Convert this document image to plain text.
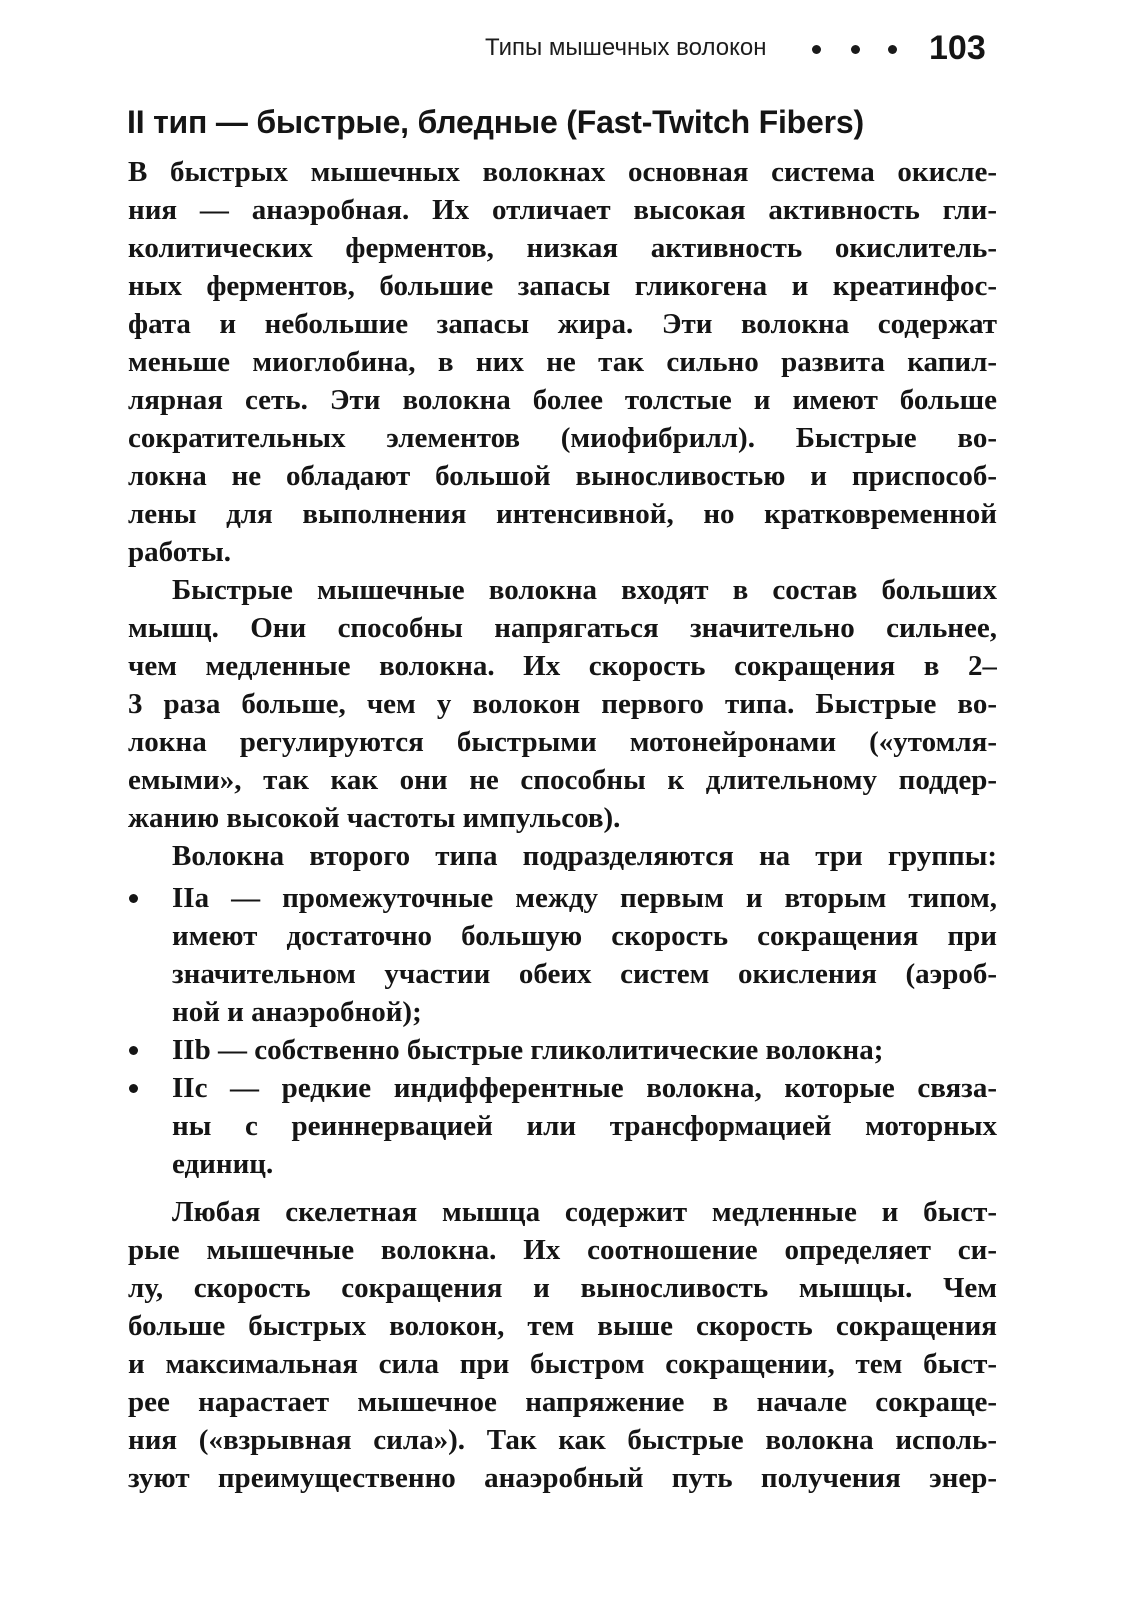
Типы мышечных волокон	103
II тип — быстрые, бледные (Fast-Twitch Fibers)
В быстрых мышечных волокнах основная система окисле-
ния — анаэробная. Их отличает высокая активность гли-
колитических ферментов, низкая активность окислитель-
ных ферментов, большие запасы гликогена и креатинфос-
фата и небольшие запасы жира. Эти волокна содержат
меньше миоглобина, в них не так сильно развита капил-
лярная сеть. Эти волокна более толстые и имеют больше
сократительных элементов (миофибрилл). Быстрые во-
локна не обладают большой выносливостью и приспособ-
лены для выполнения интенсивной, но кратковременной
работы.
Быстрые мышечные волокна входят в состав больших
мышц. Они способны напрягаться значительно сильнее,
чем медленные волокна. Их скорость сокращения в 2–
3 раза больше, чем у волокон первого типа. Быстрые во-
локна регулируются быстрыми мотонейронами («утомля-
емыми», так как они не способны к длительному поддер-
жанию высокой частоты импульсов).
Волокна второго типа подразделяются на три группы:
IIa — промежуточные между первым и вторым типом,
имеют достаточно большую скорость сокращения при
значительном участии обеих систем окисления (аэроб-
ной и анаэробной);
IIb — собственно быстрые гликолитические волокна;
IIc — редкие индифферентные волокна, которые связа-
ны с реиннервацией или трансформацией моторных
единиц.
Любая скелетная мышца содержит медленные и быст-
рые мышечные волокна. Их соотношение определяет си-
лу, скорость сокращения и выносливость мышцы. Чем
больше быстрых волокон, тем выше скорость сокращения
и максимальная сила при быстром сокращении, тем быст-
рее нарастает мышечное напряжение в начале сокраще-
ния («взрывная сила»). Так как быстрые волокна исполь-
зуют преимущественно анаэробный путь получения энер-
